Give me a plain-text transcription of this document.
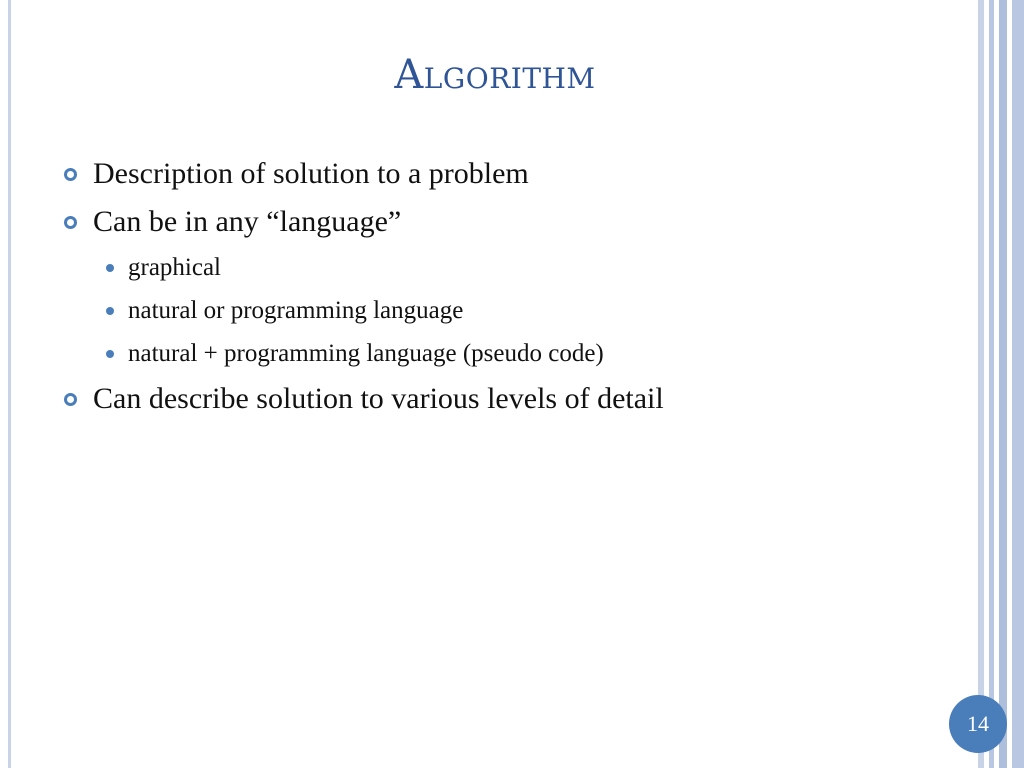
Algorithm
Description of solution to a problem
Can be in any “language”
graphical
natural or programming language
natural + programming language (pseudo code)
Can describe solution to various levels of detail
14
